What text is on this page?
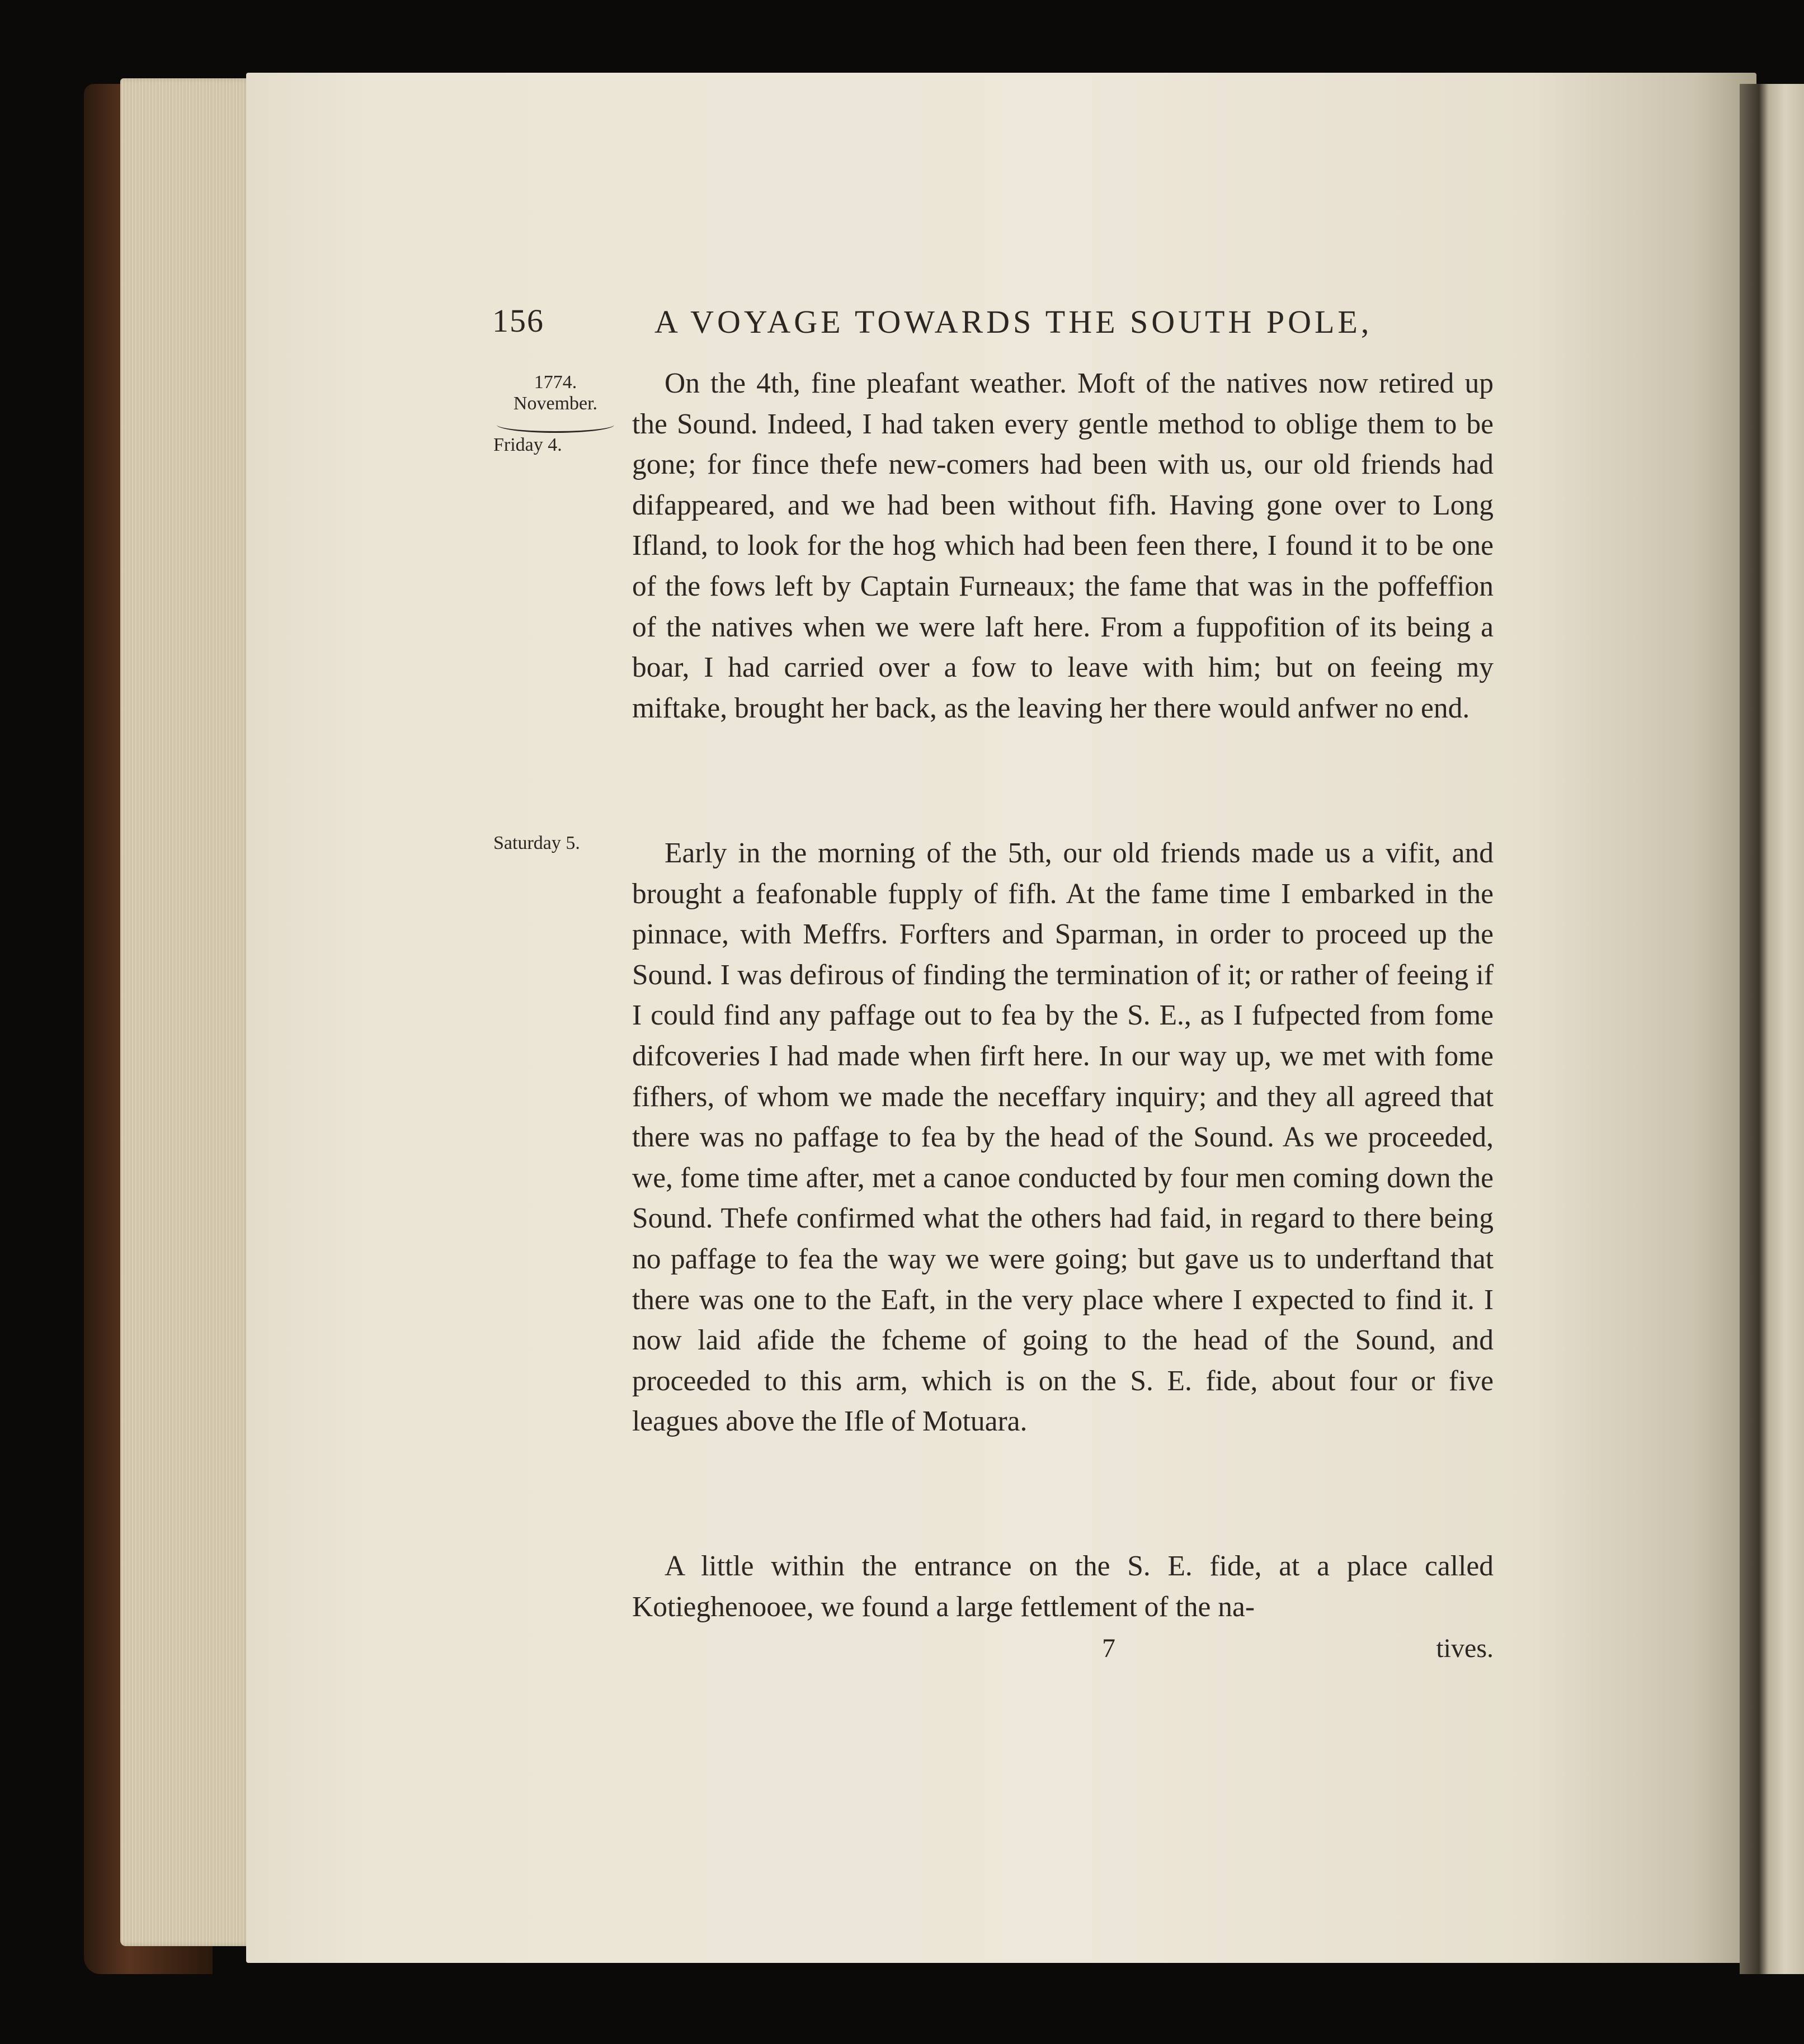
156	A VOYAGE TOWARDS THE SOUTH POLE,
1774.
November.
Friday 4.
Saturday 5.

On the 4th, fine pleafant weather. Moft of the natives now retired up the Sound. Indeed, I had taken every gentle method to oblige them to be gone; for fince thefe new-comers had been with us, our old friends had difappeared, and we had been without fifh. Having gone over to Long Ifland, to look for the hog which had been feen there, I found it to be one of the fows left by Captain Furneaux; the fame that was in the poffeffion of the natives when we were laft here. From a fuppofition of its being a boar, I had carried over a fow to leave with him; but on feeing my miftake, brought her back, as the leaving her there would anfwer no end.

Early in the morning of the 5th, our old friends made us a vifit, and brought a feafonable fupply of fifh. At the fame time I embarked in the pinnace, with Meffrs. Forfters and Sparman, in order to proceed up the Sound. I was defirous of finding the termination of it; or rather of feeing if I could find any paffage out to fea by the S. E., as I fufpected from fome difcoveries I had made when firft here. In our way up, we met with fome fifhers, of whom we made the neceffary inquiry; and they all agreed that there was no paffage to fea by the head of the Sound. As we proceeded, we, fome time after, met a canoe conducted by four men coming down the Sound. Thefe confirmed what the others had faid, in regard to there being no paffage to fea the way we were going; but gave us to underftand that there was one to the Eaft, in the very place where I expected to find it. I now laid afide the fcheme of going to the head of the Sound, and proceeded to this arm, which is on the S. E. fide, about four or five leagues above the Ifle of Motuara.

A little within the entrance on the S. E. fide, at a place called Kotieghenooee, we found a large fettlement of the na-

7	tives.
